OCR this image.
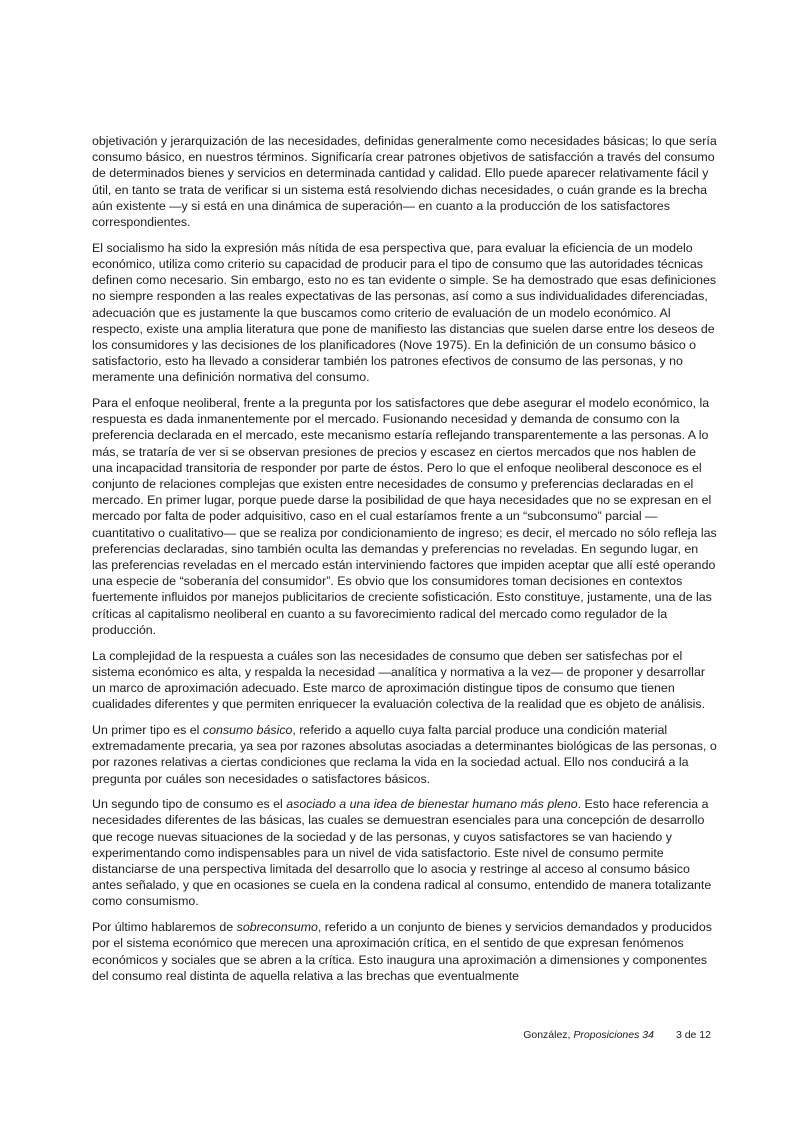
objetivación y jerarquización de las necesidades, definidas generalmente como necesidades básicas; lo que sería consumo básico, en nuestros términos. Significaría crear patrones objetivos de satisfacción a través del consumo de determinados bienes y servicios en determinada cantidad y calidad. Ello puede aparecer relativamente fácil y útil, en tanto se trata de verificar si un sistema está resolviendo dichas necesidades, o cuán grande es la brecha aún existente —y si está en una dinámica de superación— en cuanto a la producción de los satisfactores correspondientes.

El socialismo ha sido la expresión más nítida de esa perspectiva que, para evaluar la eficiencia de un modelo económico, utiliza como criterio su capacidad de producir para el tipo de consumo que las autoridades técnicas definen como necesario. Sin embargo, esto no es tan evidente o simple. Se ha demostrado que esas definiciones no siempre responden a las reales expectativas de las personas, así como a sus individualidades diferenciadas, adecuación que es justamente la que buscamos como criterio de evaluación de un modelo económico. Al respecto, existe una amplia literatura que pone de manifiesto las distancias que suelen darse entre los deseos de los consumidores y las decisiones de los planificadores (Nove 1975). En la definición de un consumo básico o satisfactorio, esto ha llevado a considerar también los patrones efectivos de consumo de las personas, y no meramente una definición normativa del consumo.

Para el enfoque neoliberal, frente a la pregunta por los satisfactores que debe asegurar el modelo económico, la respuesta es dada inmanentemente por el mercado. Fusionando necesidad y demanda de consumo con la preferencia declarada en el mercado, este mecanismo estaría reflejando transparentemente a las personas. A lo más, se trataría de ver si se observan presiones de precios y escasez en ciertos mercados que nos hablen de una incapacidad transitoria de responder por parte de éstos. Pero lo que el enfoque neoliberal desconoce es el conjunto de relaciones complejas que existen entre necesidades de consumo y preferencias declaradas en el mercado. En primer lugar, porque puede darse la posibilidad de que haya necesidades que no se expresan en el mercado por falta de poder adquisitivo, caso en el cual estaríamos frente a un “subconsumo” parcial —cuantitativo o cualitativo— que se realiza por condicionamiento de ingreso; es decir, el mercado no sólo refleja las preferencias declaradas, sino también oculta las demandas y preferencias no reveladas. En segundo lugar, en las preferencias reveladas en el mercado están interviniendo factores que impiden aceptar que allí esté operando una especie de “soberanía del consumidor”. Es obvio que los consumidores toman decisiones en contextos fuertemente influidos por manejos publicitarios de creciente sofisticación. Esto constituye, justamente, una de las críticas al capitalismo neoliberal en cuanto a su favorecimiento radical del mercado como regulador de la producción.

La complejidad de la respuesta a cuáles son las necesidades de consumo que deben ser satisfechas por el sistema económico es alta, y respalda la necesidad —analítica y normativa a la vez— de proponer y desarrollar un marco de aproximación adecuado. Este marco de aproximación distingue tipos de consumo que tienen cualidades diferentes y que permiten enriquecer la evaluación colectiva de la realidad que es objeto de análisis.

Un primer tipo es el consumo básico, referido a aquello cuya falta parcial produce una condición material extremadamente precaria, ya sea por razones absolutas asociadas a determinantes biológicas de las personas, o por razones relativas a ciertas condiciones que reclama la vida en la sociedad actual. Ello nos conducirá a la pregunta por cuáles son necesidades o satisfactores básicos.

Un segundo tipo de consumo es el asociado a una idea de bienestar humano más pleno. Esto hace referencia a necesidades diferentes de las básicas, las cuales se demuestran esenciales para una concepción de desarrollo que recoge nuevas situaciones de la sociedad y de las personas, y cuyos satisfactores se van haciendo y experimentando como indispensables para un nivel de vida satisfactorio. Este nivel de consumo permite distanciarse de una perspectiva limitada del desarrollo que lo asocia y restringe al acceso al consumo básico antes señalado, y que en ocasiones se cuela en la condena radical al consumo, entendido de manera totalizante como consumismo.

Por último hablaremos de sobreconsumo, referido a un conjunto de bienes y servicios demandados y producidos por el sistema económico que merecen una aproximación crítica, en el sentido de que expresan fenómenos económicos y sociales que se abren a la crítica. Esto inaugura una aproximación a dimensiones y componentes del consumo real distinta de aquella relativa a las brechas que eventualmente

González, Proposiciones 34 3 de 12
